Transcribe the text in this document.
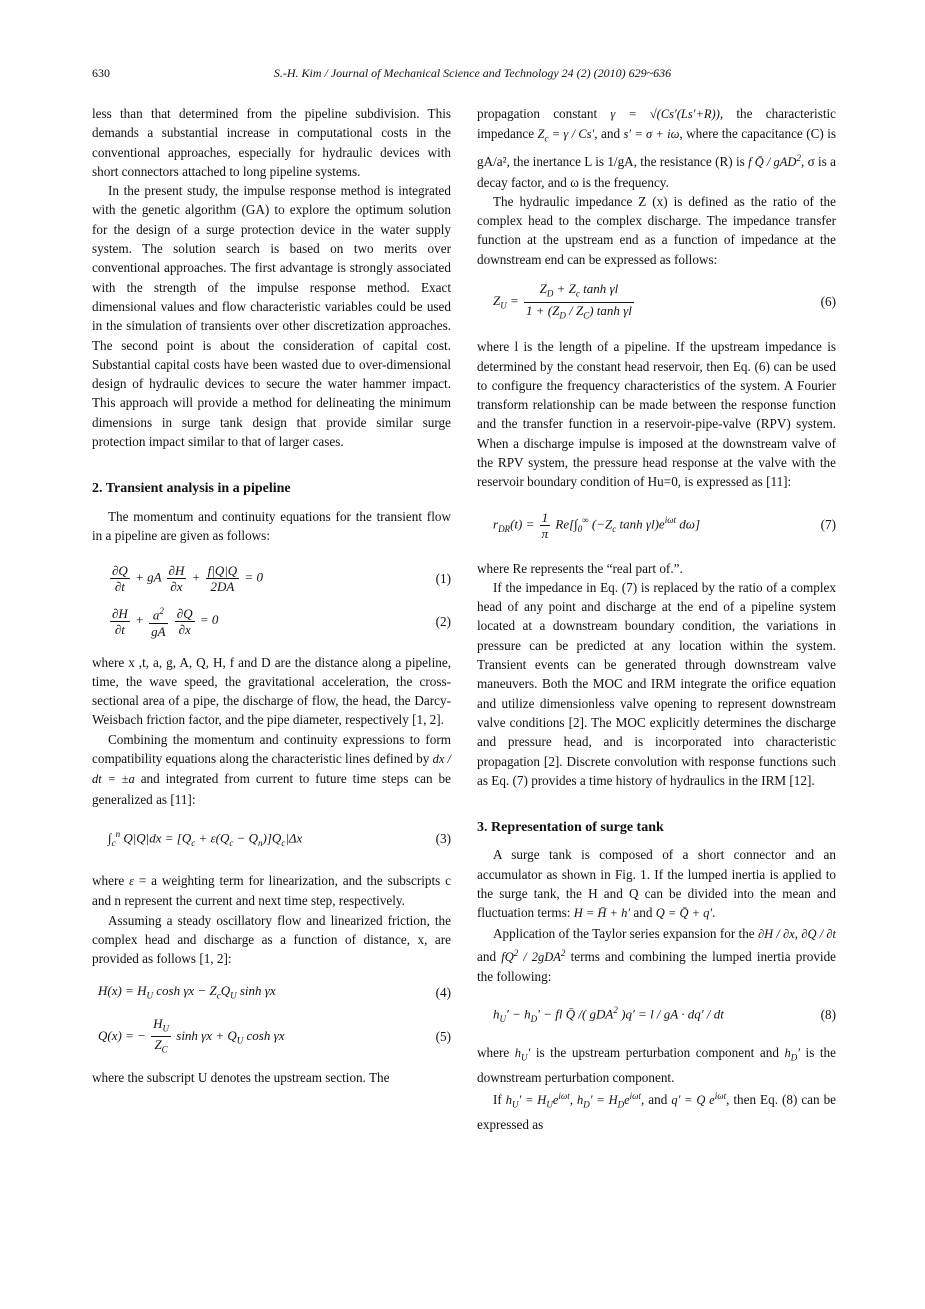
630	S.-H. Kim / Journal of Mechanical Science and Technology 24 (2) (2010) 629~636

less than that determined from the pipeline subdivision. This demands a substantial increase in computational costs in the conventional approaches, especially for hydraulic devices with short connectors attached to long pipeline systems.

In the present study, the impulse response method is integrated with the genetic algorithm (GA) to explore the optimum solution for the design of a surge protection device in the water supply system. The solution search is based on two merits over conventional approaches. The first advantage is strongly associated with the strength of the impulse response method. Exact dimensional values and flow characteristic variables could be used in the simulation of transients over other discretization approaches. The second point is about the consideration of capital cost. Substantial capital costs have been wasted due to over-dimensional design of hydraulic devices to secure the water hammer impact. This approach will provide a method for delineating the minimum dimensions in surge tank design that provide similar surge protection impact similar to that of larger cases.

2. Transient analysis in a pipeline

The momentum and continuity equations for the transient flow in a pipeline are given as follows:

$\frac{\partial Q}{\partial t}$ + gA $\frac{\partial H}{\partial x} + \frac{f|Q|Q}{2DA} = 0$	(1)
$\frac{\partial H}{\partial t} + \frac{a^2}{gA}$
$\frac{\partial Q}{\partial x} = 0$	(2)

where x ,t, a, g, A, Q, H, f and D are the distance along a pipeline, time, the wave speed, the gravitational acceleration, the cross-sectional area of a pipe, the discharge of flow, the head, the Darcy-Weisbach friction factor, and the pipe diameter, respectively [1, 2].

Combining the momentum and continuity expressions to form compatibility equations along the characteristic lines defined by dx / dt = ±a and integrated from current to future time steps can be generalized as [11]:

$\int_c^n$ $Q|Q|dx = [Q_c + \varepsilon(Q_c - Q_n)]Q_c|\Delta x$	(3)

where ε = a weighting term for linearization, and the subscripts c and n represent the current and next time step, respectively.

Assuming a steady oscillatory flow and linearized friction, the complex head and discharge as a function of distance, x, are provided as follows [1, 2]:

$H(x) = H_U$ $\cosh \gamma x - Z_cQ_U$ sinh γx	(4)
Q(x) = − $\frac{H_U}{Z_C}$ $\sinh \gamma x + Q_U$ cosh γx	(5)

where the subscript U denotes the upstream section. The

propagation constant γ = √(Cs′(Ls′+R)), the characteristic impedance $Z_c = \gamma / Cs'$, and s′ = σ + iω, where the capacitance (C) is gA/a², the inertance L is 1/gA, the resistance (R) is f Q̄ / gAD$^2$, σ is a decay factor, and ω is the frequency.

The hydraulic impedance Z (x) is defined as the ratio of the complex head to the complex discharge. The impedance transfer function at the upstream end as a function of impedance at the downstream end can be expressed as follows:

$Z_U = \frac{Z_D + Z_c \tanh \gamma l}{1 + (Z_D / Z_C) \tanh \gamma l}$	(6)

where l is the length of a pipeline. If the upstream impedance is determined by the constant head reservoir, then Eq. (6) can be used to configure the frequency characteristics of the system. A Fourier transform relationship can be made between the response function and the transfer function in a reservoir-pipe-valve (RPV) system. When a discharge impulse is imposed at the downstream valve of the RPV system, the pressure head response at the valve with the reservoir boundary condition of Hu=0, is expressed as [11]:

$r_{DR}(t) = \frac{1}{\pi} Re[\int_0^\infty$ ($-Z_c$ $\tanh \gamma l)e^{i\omega t}$ dω]	(7)

where Re represents the “real part of.”.

If the impedance in Eq. (7) is replaced by the ratio of a complex head of any point and discharge at the end of a pipeline system located at a downstream boundary condition, the variations in pressure can be predicted at any location within the system. Transient events can be generated through downstream valve maneuvers. Both the MOC and IRM integrate the orifice equation and utilize dimensionless valve opening to represent downstream valve conditions [2]. The MOC explicitly determines the discharge and pressure head, and is incorporated into characteristic propagation [2]. Discrete convolution with response functions such as Eq. (7) provides a time history of hydraulics in the IRM [12].

3. Representation of surge tank

A surge tank is composed of a short connector and an accumulator as shown in Fig. 1. If the lumped inertia is applied to the surge tank, the H and Q can be divided into the mean and fluctuation terms: H = H̄ + h′ and Q = Q̄ + q′.

Application of the Taylor series expansion for the ∂H / ∂x, ∂Q / ∂t and $fQ^2 / 2gDA^2$ terms and combining the lumped inertia provide the following:

$h_U' - h_D'$ − fl Q̄ /( gDA$^2$ )q′ = l / gA · dq′ / dt	(8)

where $h_U'$ is the upstream perturbation component and $h_D'$ is the downstream perturbation component.

If $h_U' = H_Ue^{i\omega t}$, $h_D' = H_De^{i\omega t}$, and q′ = Q $e^{i\omega t}$, then Eq. (8) can be expressed as
